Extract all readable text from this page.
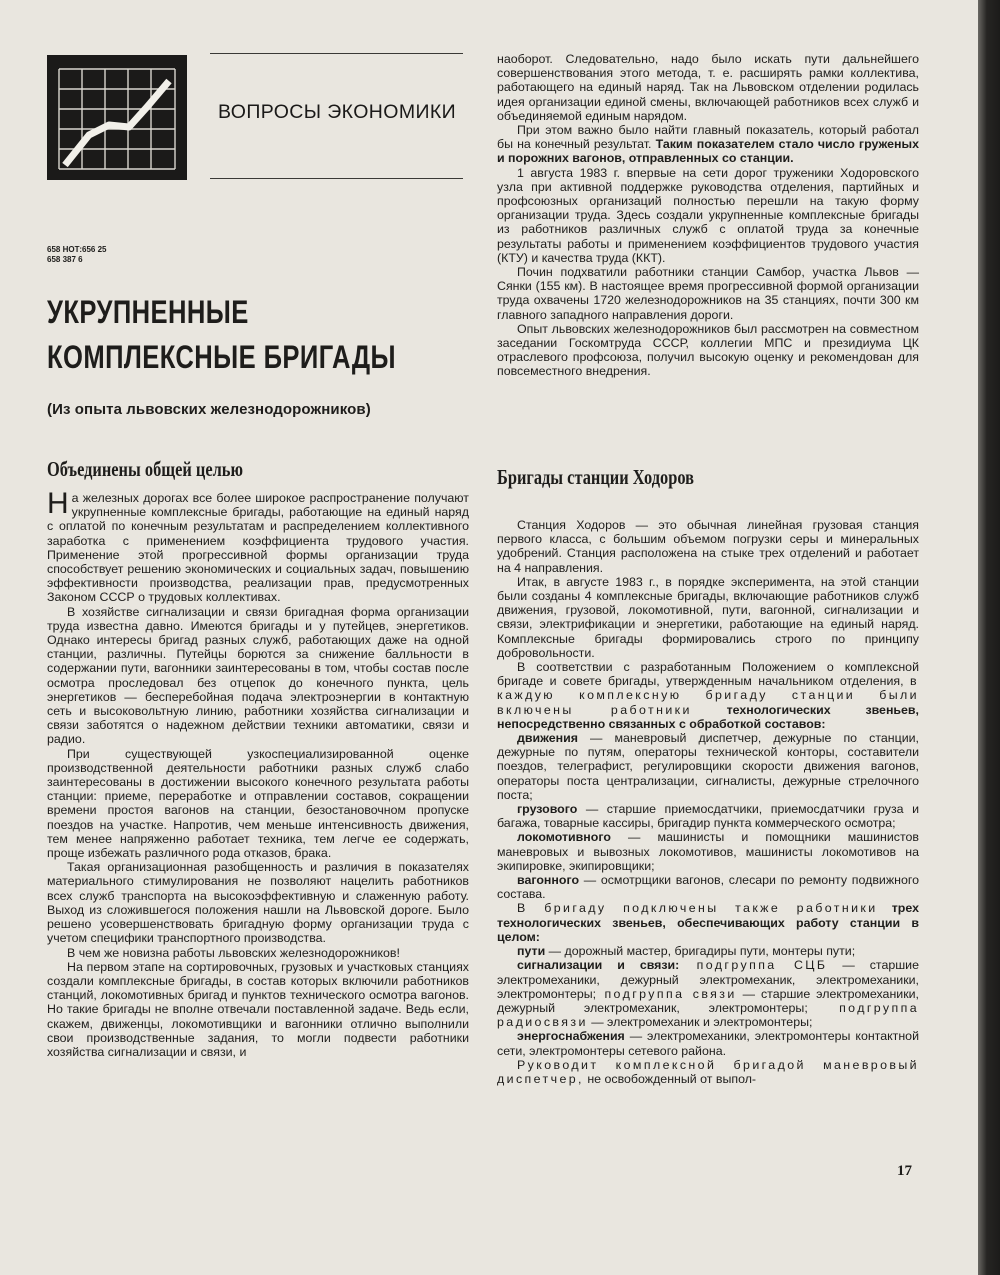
ВОПРОСЫ ЭКОНОМИКИ
658 НОТ:656 25
658 387 6
УКРУПНЕННЫЕ
КОМПЛЕКСНЫЕ БРИГАДЫ
(Из опыта львовских железнодорожников)
Объединены общей целью

На железных дорогах все более широкое распространение получают укрупненные комплексные бригады, работающие на единый наряд с оплатой по конечным результатам и распределением коллективного заработка с применением коэффициента трудового участия. Применение этой прогрессивной формы организации труда способствует решению экономических и социальных задач, повышению эффективности производства, реализации прав, предусмотренных Законом СССР о трудовых коллективах.

В хозяйстве сигнализации и связи бригадная форма организации труда известна давно. Имеются бригады и у путейцев, энергетиков. Однако интересы бригад разных служб, работающих даже на одной станции, различны. Путейцы борются за снижение балльности в содержании пути, вагонники заинтересованы в том, чтобы состав после осмотра проследовал без отцепок до конечного пункта, цель энергетиков — бесперебойная подача электроэнергии в контактную сеть и высоковольтную линию, работники хозяйства сигнализации и связи заботятся о надежном действии техники автоматики, связи и радио.

При существующей узкоспециализированной оценке производственной деятельности работники разных служб слабо заинтересованы в достижении высокого конечного результата работы станции: приеме, переработке и отправлении составов, сокращении времени простоя вагонов на станции, безостановочном пропуске поездов на участке. Напротив, чем меньше интенсивность движения, тем менее напряженно работает техника, тем легче ее содержать, проще избежать различного рода отказов, брака.

Такая организационная разобщенность и различия в показателях материального стимулирования не позволяют нацелить работников всех служб транспорта на высокоэффективную и слаженную работу. Выход из сложившегося положения нашли на Львовской дороге. Было решено усовершенствовать бригадную форму организации труда с учетом специфики транспортного производства.

В чем же новизна работы львовских железнодорожников!

На первом этапе на сортировочных, грузовых и участковых станциях создали комплексные бригады, в состав которых включили работников станций, локомотивных бригад и пунктов технического осмотра вагонов. Но такие бригады не вполне отвечали поставленной задаче. Ведь если, скажем, движенцы, локомотивщики и вагонники отлично выполнили свои производственные задания, то могли подвести работники хозяйства сигнализации и связи, и

наоборот. Следовательно, надо было искать пути дальнейшего совершенствования этого метода, т. е. расширять рамки коллектива, работающего на единый наряд. Так на Львовском отделении родилась идея организации единой смены, включающей работников всех служб и объединяемой единым нарядом.

При этом важно было найти главный показатель, который работал бы на конечный результат. Таким показателем стало число груженых и порожних вагонов, отправленных со станции.

1 августа 1983 г. впервые на сети дорог труженики Ходоровского узла при активной поддержке руководства отделения, партийных и профсоюзных организаций полностью перешли на такую форму организации труда. Здесь создали укрупненные комплексные бригады из работников различных служб с оплатой труда за конечные результаты работы и применением коэффициентов трудового участия (КТУ) и качества труда (ККТ).

Почин подхватили работники станции Самбор, участка Львов — Сянки (155 км). В настоящее время прогрессивной формой организации труда охвачены 1720 железнодорожников на 35 станциях, почти 300 км главного западного направления дороги.

Опыт львовских железнодорожников был рассмотрен на совместном заседании Госкомтруда СССР, коллегии МПС и президиума ЦК отраслевого профсоюза, получил высокую оценку и рекомендован для повсеместного внедрения.

Бригады станции Ходоров

Станция Ходоров — это обычная линейная грузовая станция первого класса, с большим объемом погрузки серы и минеральных удобрений. Станция расположена на стыке трех отделений и работает на 4 направления.

Итак, в августе 1983 г., в порядке эксперимента, на этой станции были созданы 4 комплексные бригады, включающие работников служб движения, грузовой, локомотивной, пути, вагонной, сигнализации и связи, электрификации и энергетики, работающие на единый наряд. Комплексные бригады формировались строго по принципу добровольности.

В соответствии с разработанным Положением о комплексной бригаде и совете бригады, утвержденным начальником отделения, в каждую комплексную бригаду станции были включены работники технологических звеньев, непосредственно связанных с обработкой составов:

движения — маневровый диспетчер, дежурные по станции, дежурные по путям, операторы технической конторы, составители поездов, телеграфист, регулировщики скорости движения вагонов, операторы поста централизации, сигналисты, дежурные стрелочного поста;

грузового — старшие приемосдатчики, приемосдатчики груза и багажа, товарные кассиры, бригадир пункта коммерческого осмотра;

локомотивного — машинисты и помощники машинистов маневровых и вывозных локомотивов, машинисты локомотивов на экипировке, экипировщики;

вагонного — осмотрщики вагонов, слесари по ремонту подвижного состава.

В бригаду подключены также работники трех технологических звеньев, обеспечивающих работу станции в целом:

пути — дорожный мастер, бригадиры пути, монтеры пути;

сигнализации и связи: подгруппа СЦБ — старшие электромеханики, дежурный электромеханик, электромеханики, электромонтеры; подгруппа связи — старшие электромеханики, дежурный электромеханик, электромонтеры; подгруппа радиосвязи — электромеханик и электромонтеры;

энергоснабжения — электромеханики, электромонтеры контактной сети, электромонтеры сетевого района.

Руководит комплексной бригадой маневровый диспетчер, не освобожденный от выпол-

17
